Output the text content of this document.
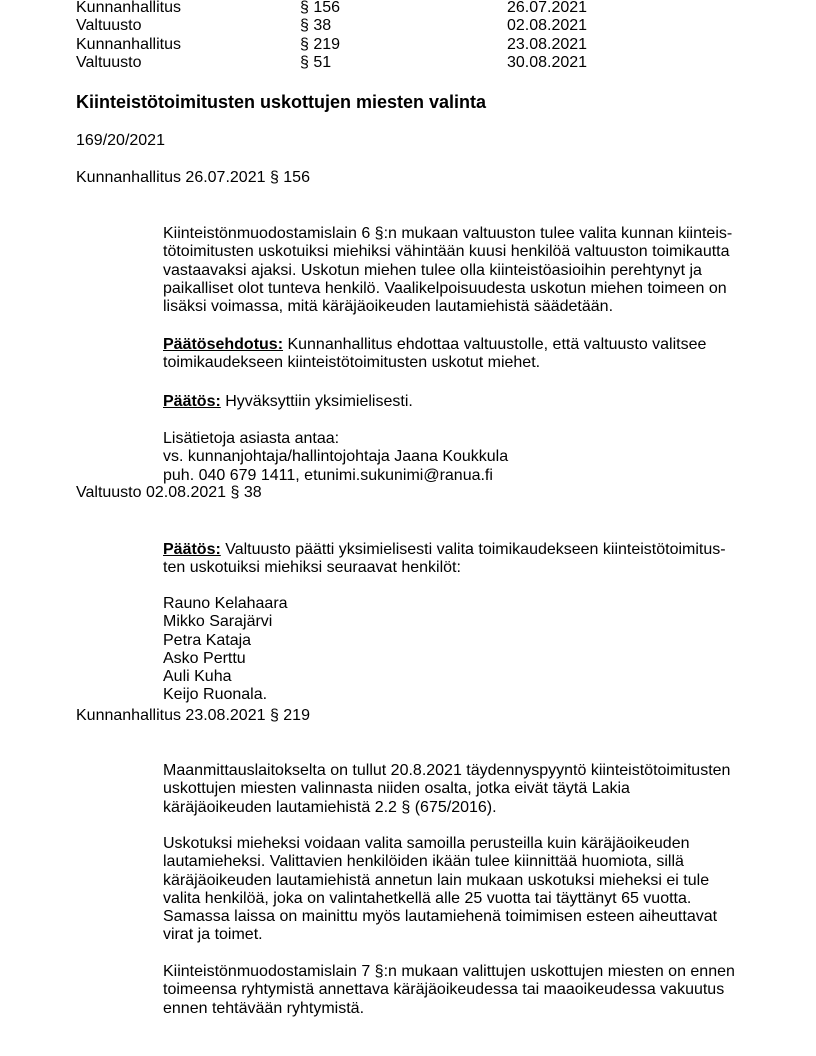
Kunnanhallitus
Valtuusto
Kunnanhallitus
Valtuusto
§ 156
§ 38
§ 219
§ 51
26.07.2021
02.08.2021
23.08.2021
30.08.2021
Kiinteistötoimitusten uskottujen miesten valinta
169/20/2021
Kunnanhallitus 26.07.2021 § 156
Kiinteistönmuodostamislain 6 §:n mukaan valtuuston tulee valita kunnan kiinteis-
tötoimitusten uskotuiksi miehiksi vähintään kuusi henkilöä valtuuston toimikautta
vastaavaksi ajaksi. Uskotun miehen tulee olla kiinteistöasioihin perehtynyt ja
paikalliset olot tunteva henkilö. Vaalikelpoisuudesta uskotun miehen toimeen on
lisäksi voimassa, mitä käräjäoikeuden lautamiehistä säädetään.
Päätösehdotus: Kunnanhallitus ehdottaa valtuustolle, että valtuusto valitsee
toimikaudekseen kiinteistötoimitusten uskotut miehet.
Päätös: Hyväksyttiin yksimielisesti.
Lisätietoja asiasta antaa:
vs. kunnanjohtaja/hallintojohtaja Jaana Koukkula
puh. 040 679 1411, etunimi.sukunimi@ranua.fi
Valtuusto 02.08.2021 § 38
Päätös: Valtuusto päätti yksimielisesti valita toimikaudekseen kiinteistötoimitus-
ten uskotuiksi miehiksi seuraavat henkilöt:
Rauno Kelahaara
Mikko Sarajärvi
Petra Kataja
Asko Perttu
Auli Kuha
Keijo Ruonala.
Kunnanhallitus 23.08.2021 § 219
Maanmittauslaitokselta on tullut 20.8.2021 täydennyspyyntö kiinteistötoimitusten
uskottujen miesten valinnasta niiden osalta, jotka eivät täytä Lakia
käräjäoikeuden lautamiehistä 2.2 § (675/2016).
Uskotuksi mieheksi voidaan valita samoilla perusteilla kuin käräjäoikeuden
lautamieheksi. Valittavien henkilöiden ikään tulee kiinnittää huomiota, sillä
käräjäoikeuden lautamiehistä annetun lain mukaan uskotuksi mieheksi ei tule
valita henkilöä, joka on valintahetkellä alle 25 vuotta tai täyttänyt 65 vuotta.
Samassa laissa on mainittu myös lautamiehenä toimimisen esteen aiheuttavat
virat ja toimet.
Kiinteistönmuodostamislain 7 §:n mukaan valittujen uskottujen miesten on ennen
toimeensa ryhtymistä annettava käräjäoikeudessa tai maaoikeudessa vakuutus
ennen tehtävään ryhtymistä.
